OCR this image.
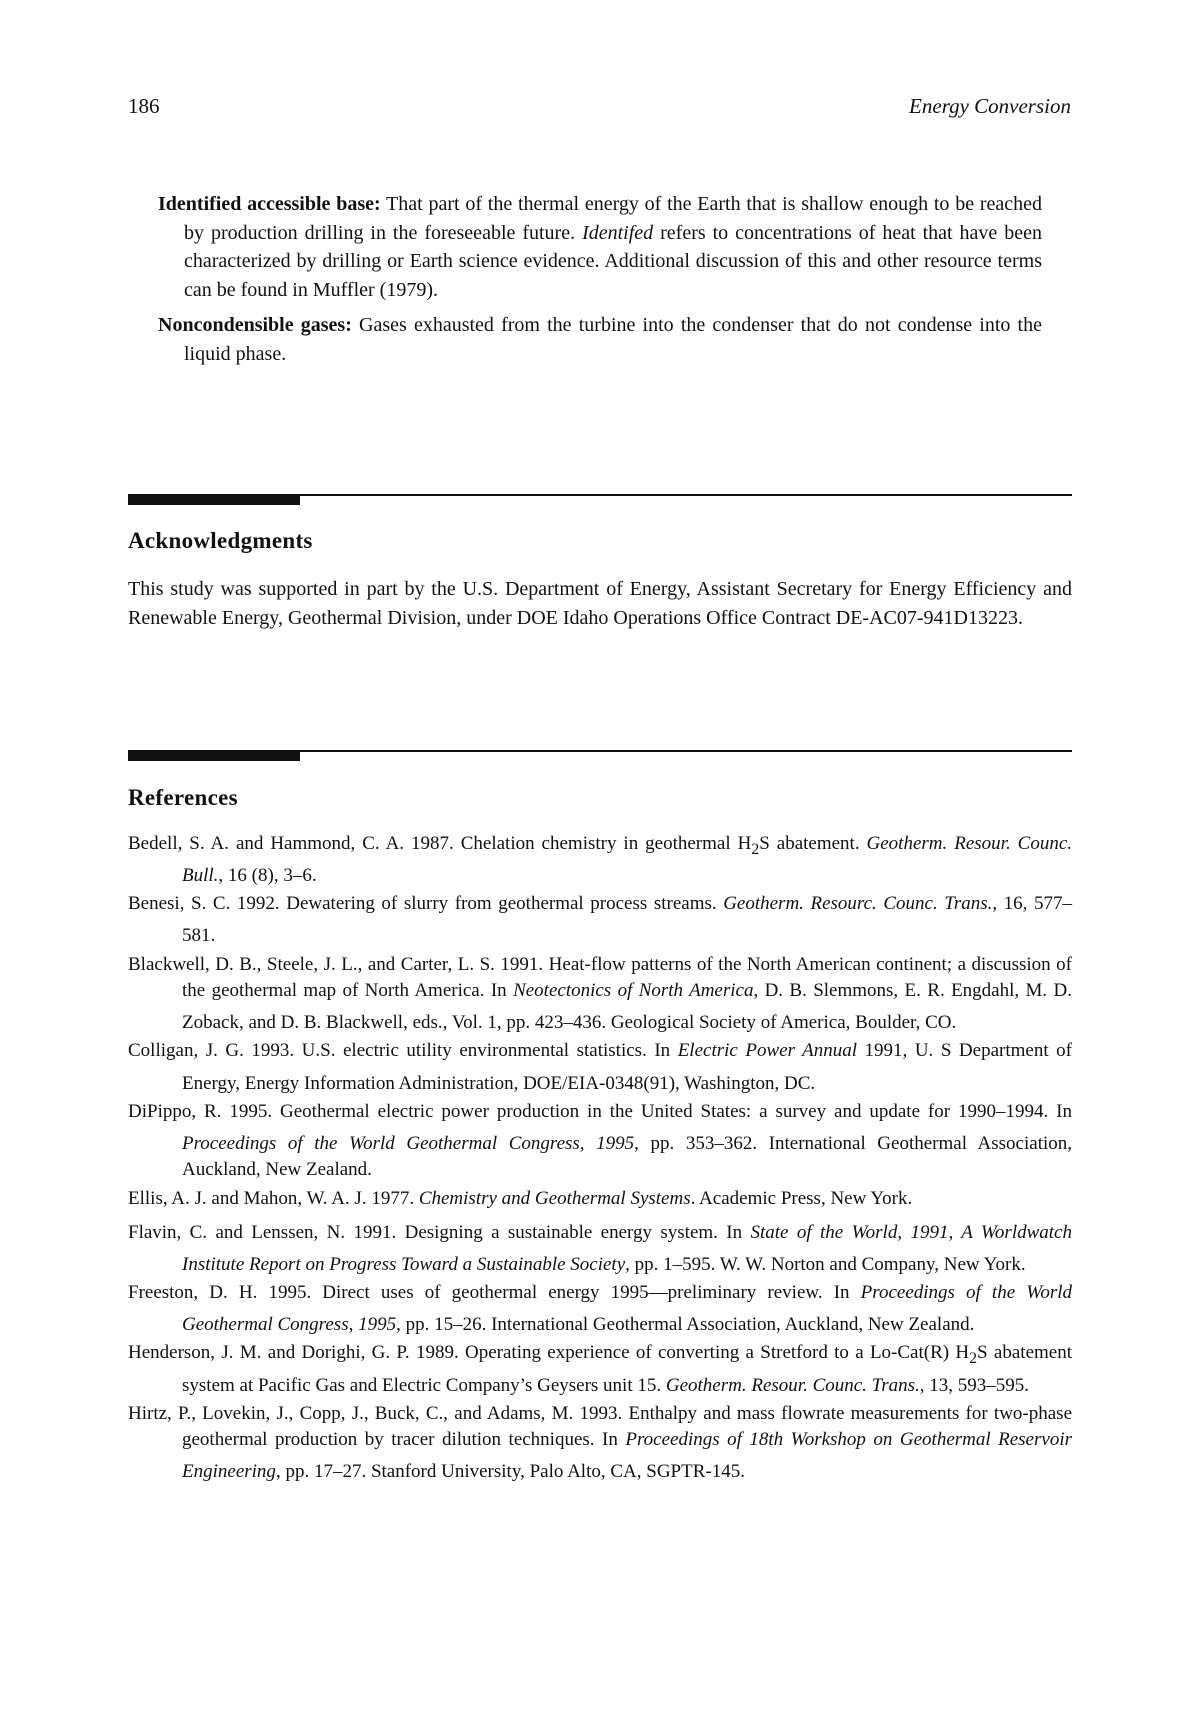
186	Energy Conversion

Identified accessible base: That part of the thermal energy of the Earth that is shallow enough to be reached by production drilling in the foreseeable future. Identifed refers to concentrations of heat that have been characterized by drilling or Earth science evidence. Additional discussion of this and other resource terms can be found in Muffler (1979).

Noncondensible gases: Gases exhausted from the turbine into the condenser that do not condense into the liquid phase.

Acknowledgments

This study was supported in part by the U.S. Department of Energy, Assistant Secretary for Energy Efficiency and Renewable Energy, Geothermal Division, under DOE Idaho Operations Office Contract DE-AC07-941D13223.

References

Bedell, S. A. and Hammond, C. A. 1987. Chelation chemistry in geothermal $H_2S$ abatement. Geotherm. Resour. Counc. Bull., 16 (8), 3–6.

Benesi, S. C. 1992. Dewatering of slurry from geothermal process streams. Geotherm. Resourc. Counc. Trans., 16, 577–581.

Blackwell, D. B., Steele, J. L., and Carter, L. S. 1991. Heat-flow patterns of the North American continent; a discussion of the geothermal map of North America. In Neotectonics of North America, D. B. Slemmons, E. R. Engdahl, M. D. Zoback, and D. B. Blackwell, eds., Vol. 1, pp. 423–436. Geological Society of America, Boulder, CO.

Colligan, J. G. 1993. U.S. electric utility environmental statistics. In Electric Power Annual 1991, U. S Department of Energy, Energy Information Administration, DOE/EIA-0348(91), Washington, DC.

DiPippo, R. 1995. Geothermal electric power production in the United States: a survey and update for 1990–1994. In Proceedings of the World Geothermal Congress, 1995, pp. 353–362. International Geothermal Association, Auckland, New Zealand.

Ellis, A. J. and Mahon, W. A. J. 1977. Chemistry and Geothermal Systems. Academic Press, New York.

Flavin, C. and Lenssen, N. 1991. Designing a sustainable energy system. In State of the World, 1991, A Worldwatch Institute Report on Progress Toward a Sustainable Society, pp. 1–595. W. W. Norton and Company, New York.

Freeston, D. H. 1995. Direct uses of geothermal energy 1995—preliminary review. In Proceedings of the World Geothermal Congress, 1995, pp. 15–26. International Geothermal Association, Auckland, New Zealand.

Henderson, J. M. and Dorighi, G. P. 1989. Operating experience of converting a Stretford to a Lo-Cat(R) $H_2S$ abatement system at Pacific Gas and Electric Company’s Geysers unit 15. Geotherm. Resour. Counc. Trans., 13, 593–595.

Hirtz, P., Lovekin, J., Copp, J., Buck, C., and Adams, M. 1993. Enthalpy and mass flowrate measurements for two-phase geothermal production by tracer dilution techniques. In Proceedings of 18th Workshop on Geothermal Reservoir Engineering, pp. 17–27. Stanford University, Palo Alto, CA, SGPTR-145.
